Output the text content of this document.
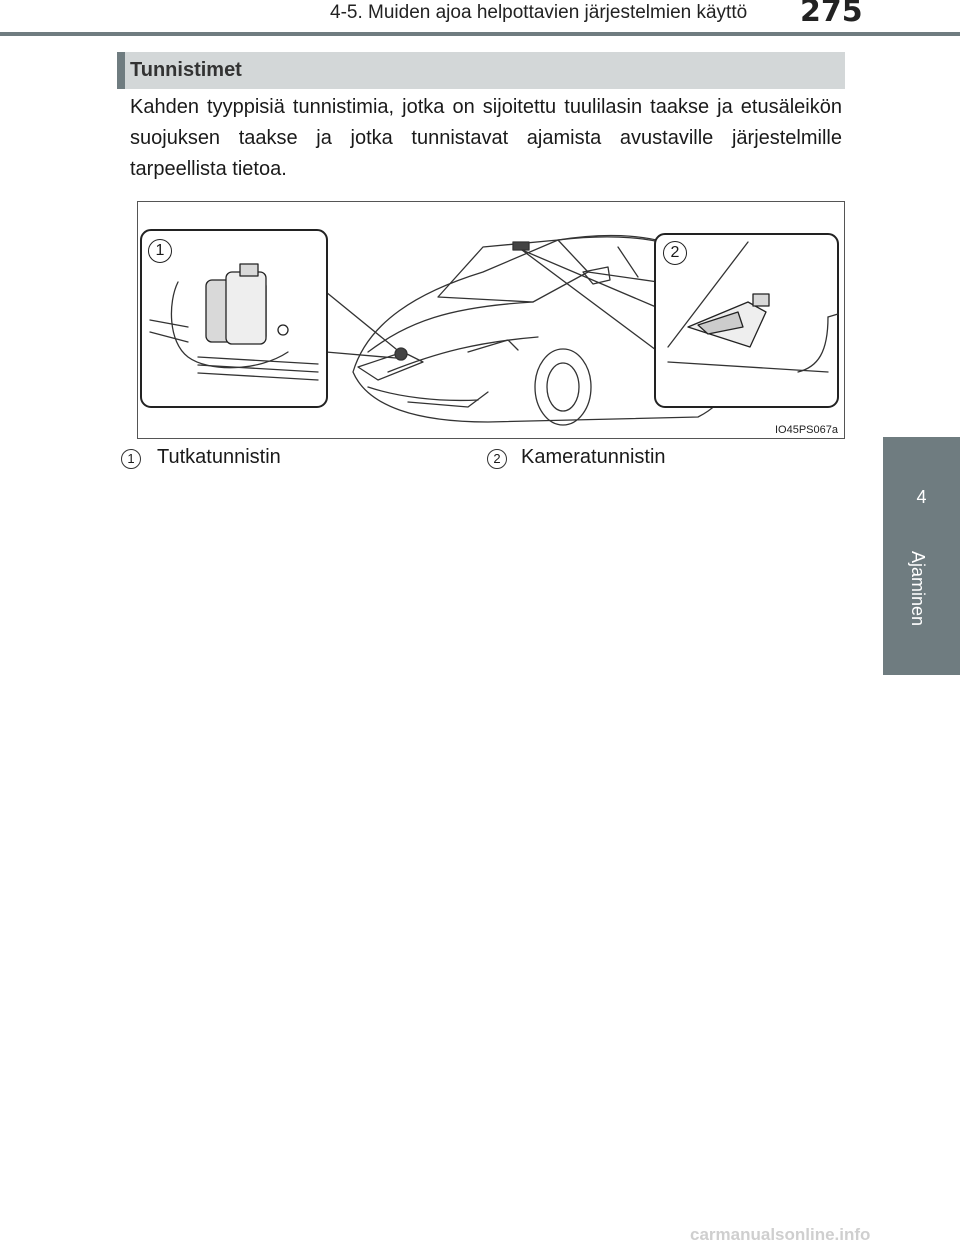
4-5. Muiden ajoa helpottavien järjestelmien käyttö 275
4
Ajaminen
Tunnistimet

Kahden tyyppisiä tunnistimia, jotka on sijoitettu tuulilasin taakse ja etusäleikön suojuksen taakse ja jotka tunnistavat ajamista avustaville järjestelmille tarpeellista tietoa.

1	2
IO45PS067a
1	Tutkatunnistin	2	Kameratunnistin
carmanualsonline.info
